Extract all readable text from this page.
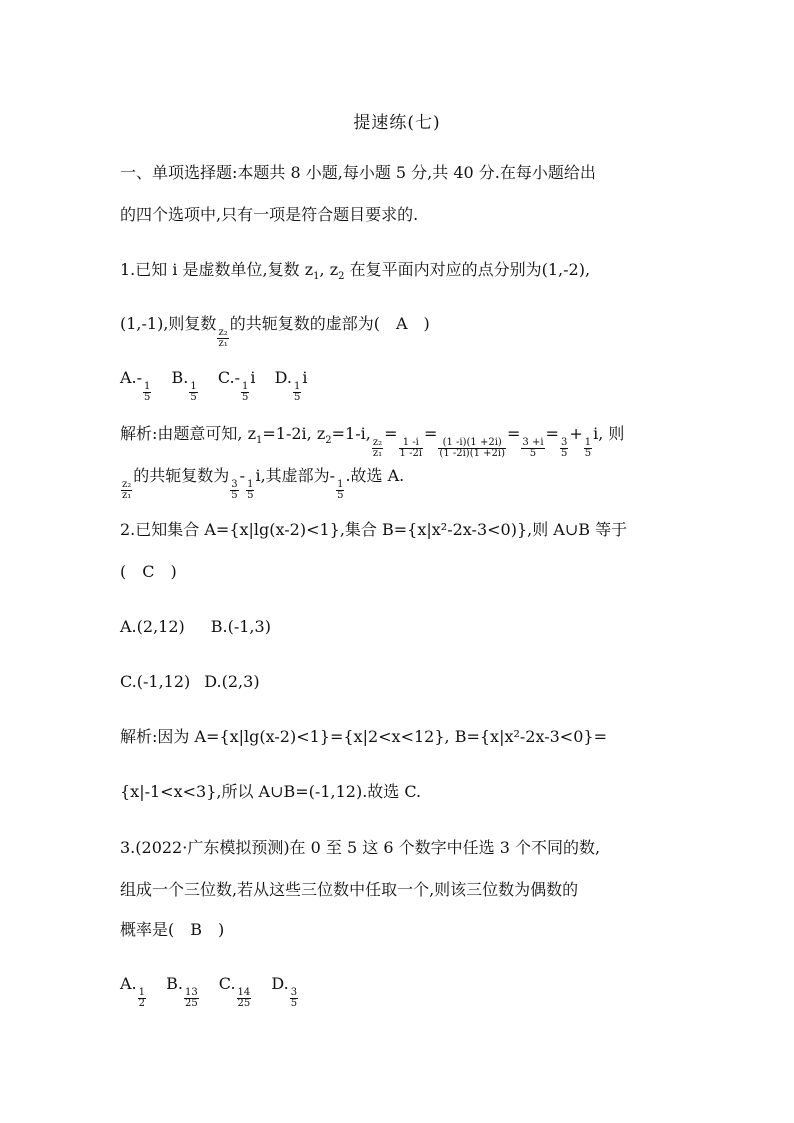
提速练(七)
一、单项选择题:本题共 8 小题,每小题 5 分,共 40 分.在每小题给出
的四个选项中,只有一项是符合题目要求的.
1.已知 i 是虚数单位,复数 $z_1$, $z_2$ 在复平面内对应的点分别为(1,-2),
(1,-1),则复数
$\frac{\text{z₂}}{\text{z₁}}$
的共轭复数的虚部为( A )
A.-
$\frac{1}{5}$
B.
$\frac{1}{5}$
C.-
$\frac{1}{5}$
i D.
$\frac{1}{5}$
i
解析:由题意可知, $z_1=1-2i$, $z_2=1-i$,
$\frac{\text{z₂}}{\text{z₁}}$
=
$\frac{1 -i}{1 -2i}$
=
$\frac{(1 -i)(1 +2i)}{(1 -2i)(1 +2i)}$
=
$\frac{3 +i}{5}$
=
$\frac{3}{5}$
+
$\frac{1}{5}$
i, 则
$\frac{\text{z₂}}{\text{z₁}}$
的共轭复数为
$\frac{3}{5}$
-
$\frac{1}{5}$
i,其虚部为-
$\frac{1}{5}$
.故选 A.
2.已知集合 A={x|lg(x-2)<1},集合 B={x|x²-2x-3<0)},则 A∪B 等于
( C )
A.(2,12) B.(-1,3)
C.(-1,12) D.(2,3)
解析:因为 A={x|lg(x-2)<1}={x|2<x<12}, B={x|x²-2x-3<0}=
{x|-1<x<3},所以 A∪B=(-1,12).故选 C.
3.(2022·广东模拟预测)在 0 至 5 这 6 个数字中任选 3 个不同的数,
组成一个三位数,若从这些三位数中任取一个,则该三位数为偶数的
概率是( B )
A.
$\frac{1}{2}$
B.
$\frac{13}{25}$
C.
$\frac{14}{25}$
D.
$\frac{3}{5}$
